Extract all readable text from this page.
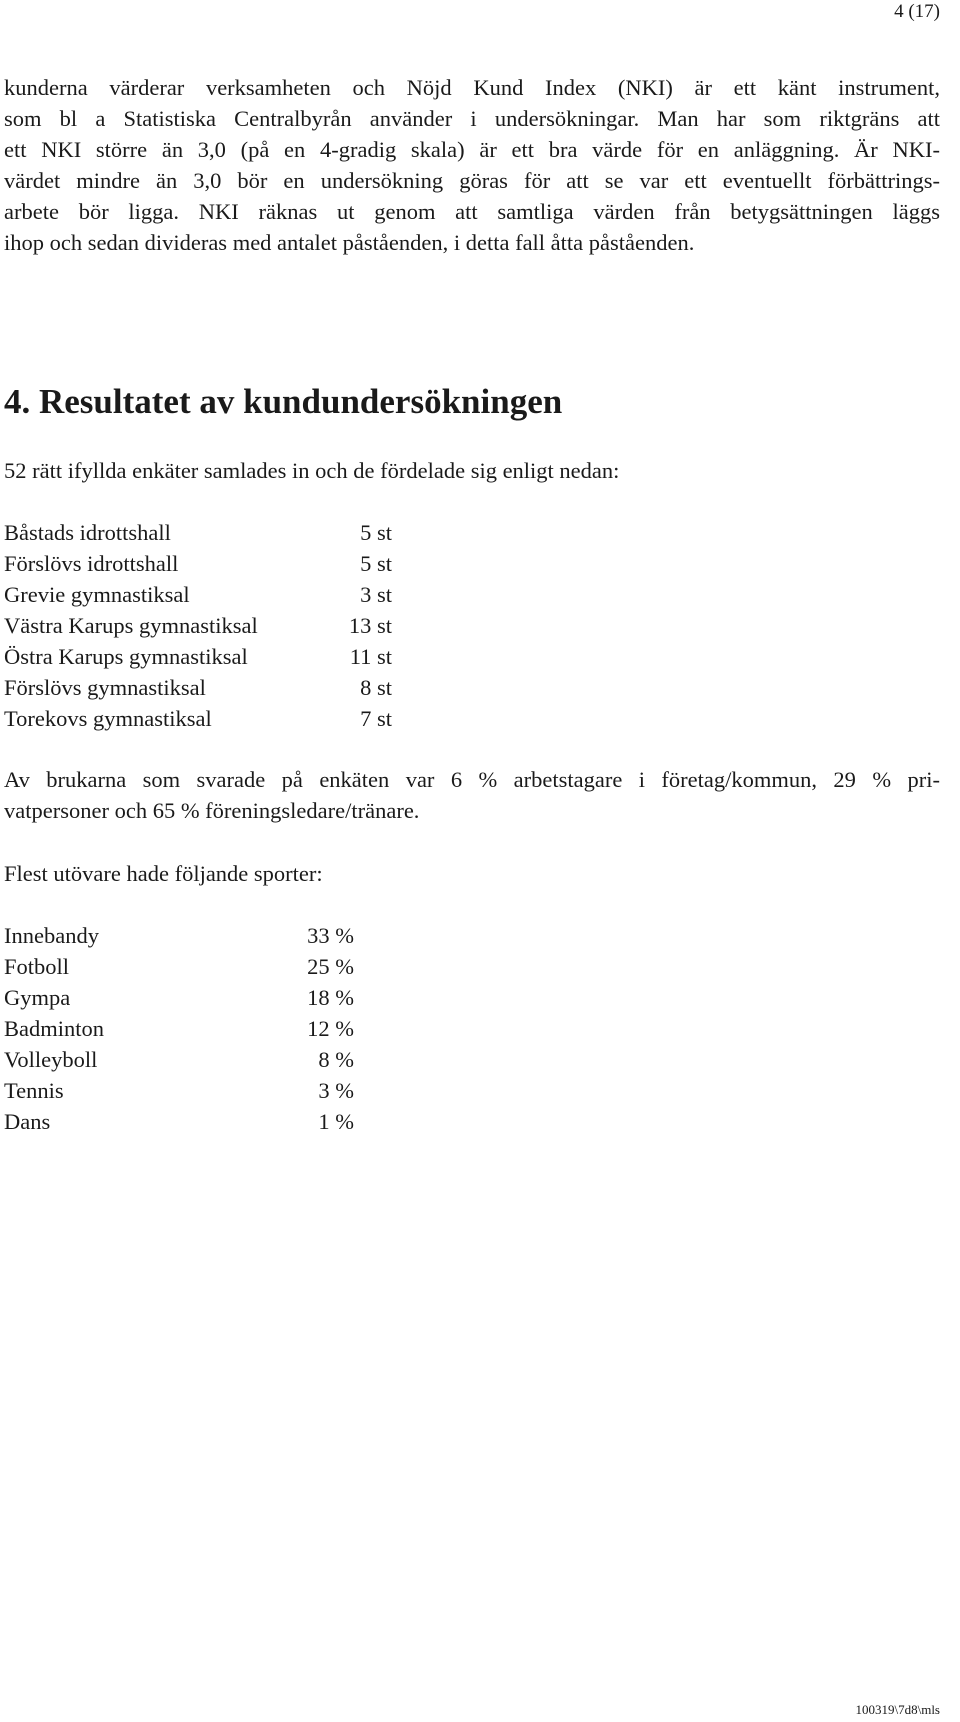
4 (17)
kunderna värderar verksamheten och Nöjd Kund Index (NKI) är ett känt instrument,
som bl a Statistiska Centralbyrån använder i undersökningar. Man har som riktgräns att
ett NKI större än 3,0 (på en 4-gradig skala) är ett bra värde för en anläggning. Är NKI-
värdet mindre än 3,0 bör en undersökning göras för att se var ett eventuellt förbättrings-
arbete bör ligga. NKI räknas ut genom att samtliga värden från betygsättningen läggs
ihop och sedan divideras med antalet påståenden, i detta fall åtta påståenden.
4. Resultatet av kundundersökningen

52 rätt ifyllda enkäter samlades in och de fördelade sig enligt nedan:

Båstads idrottshall	5 st
Förslövs idrottshall	5 st
Grevie gymnastiksal	3 st
Västra Karups gymnastiksal	13 st
Östra Karups gymnastiksal	11 st
Förslövs gymnastiksal	8 st
Torekovs gymnastiksal	7 st
Av brukarna som svarade på enkäten var 6 % arbetstagare i företag/kommun, 29 % pri-
vatpersoner och 65 % föreningsledare/tränare.

Flest utövare hade följande sporter:

Innebandy	33 %
Fotboll	25 %
Gympa	18 %
Badminton	12 %
Volleyboll	8 %
Tennis	3 %
Dans	1 %
100319\7d8\mls
